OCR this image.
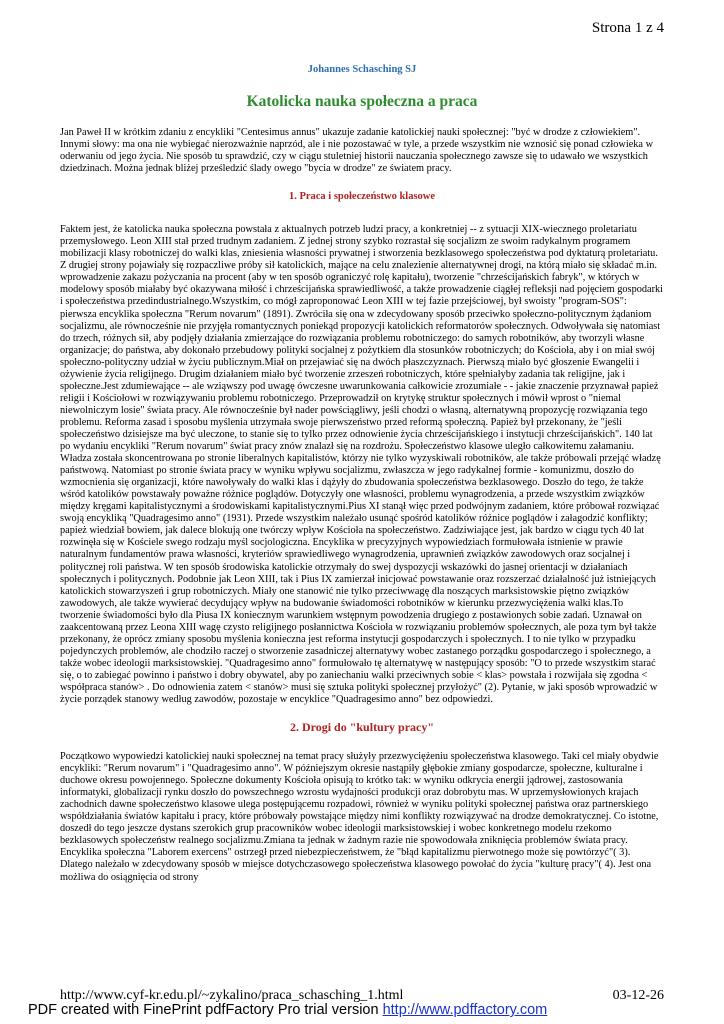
Strona 1 z 4
Johannes Schasching SJ
Katolicka nauka społeczna a praca

Jan Paweł II w krótkim zdaniu z encykliki "Centesimus annus" ukazuje zadanie katolickiej nauki społecznej: "być w drodze z człowiekiem". Innymi słowy: ma ona nie wybiegać nierozważnie naprzód, ale i nie pozostawać w tyle, a przede wszystkim nie wznosić się ponad człowieka w oderwaniu od jego życia. Nie sposób tu sprawdzić, czy w ciągu stuletniej historii nauczania społecznego zawsze się to udawało we wszystkich dziedzinach. Można jednak bliżej prześledzić ślady owego "bycia w drodze" ze światem pracy.

1. Praca i społeczeństwo klasowe

Faktem jest, że katolicka nauka społeczna powstała z aktualnych potrzeb ludzi pracy, a konkretniej -- z sytuacji XIX-wiecznego proletariatu przemysłowego. Leon XIII stał przed trudnym zadaniem. Z jednej strony szybko rozrastał się socjalizm ze swoim radykalnym programem mobilizacji klasy robotniczej do walki klas, zniesienia własności prywatnej i stworzenia bezklasowego społeczeństwa pod dyktaturą proletariatu. Z drugiej strony pojawiały się rozpaczliwe próby sił katolickich, mające na celu znalezienie alternatywnej drogi, na którą miało się składać m.in. wprowadzenie zakazu pożyczania na procent (aby w ten sposób ograniczyć rolę kapitału), tworzenie "chrześcijańskich fabryk", w których w modelowy sposób miałaby być okazywana miłość i chrześcijańska sprawiedliwość, a także prowadzenie ciągłej refleksji nad pojęciem gospodarki i społeczeństwa przedindustrialnego.Wszystkim, co mógł zaproponować Leon XIII w tej fazie przejściowej, był swoisty "program-SOS": pierwsza encyklika społeczna "Rerum novarum" (1891). Zwróciła się ona w zdecydowany sposób przeciwko społeczno-politycznym żądaniom socjalizmu, ale równocześnie nie przyjęła romantycznych poniekąd propozycji katolickich reformatorów społecznych. Odwoływała się natomiast do trzech, różnych sił, aby podjęły działania zmierzające do rozwiązania problemu robotniczego: do samych robotników, aby tworzyli własne organizacje; do państwa, aby dokonało przebudowy polityki socjalnej z pożytkiem dla stosunków robotniczych; do Kościoła, aby i on miał swój społeczno-polityczny udział w życiu publicznym.Miał on przejawiać się na dwóch płaszczyznach. Pierwszą miało być głoszenie Ewangelii i ożywienie życia religijnego. Drugim działaniem miało być tworzenie zrzeszeń robotniczych, które spełniałyby zadania tak religijne, jak i społeczne.Jest zdumiewające -- ale wziąwszy pod uwagę ówczesne uwarunkowania całkowicie zrozumiałe - - jakie znaczenie przyznawał papież religii i Kościołowi w rozwiązywaniu problemu robotniczego. Przeprowadził on krytykę struktur społecznych i mówił wprost o "niemal niewolniczym losie" świata pracy. Ale równocześnie był nader powściągliwy, jeśli chodzi o własną, alternatywną propozycję rozwiązania tego problemu. Reforma zasad i sposobu myślenia utrzymała swoje pierwszeństwo przed reformą społeczną. Papież był przekonany, że "jeśli społeczeństwo dzisiejsze ma być uleczone, to stanie się to tylko przez odnowienie życia chrześcijańskiego i instytucji chrześcijańskich". 140 lat po wydaniu encykliki "Rerum novarum" świat pracy znów znalazł się na rozdrożu. Społeczeństwo klasowe uległo całkowitemu załamaniu. Władza została skoncentrowana po stronie liberalnych kapitalistów, którzy nie tylko wyzyskiwali robotników, ale także próbowali przejąć władzę państwową. Natomiast po stronie świata pracy w wyniku wpływu socjalizmu, zwłaszcza w jego radykalnej formie - komunizmu, doszło do wzmocnienia się organizacji, które nawoływały do walki klas i dążyły do zbudowania społeczeństwa bezklasowego. Doszło do tego, że także wśród katolików powstawały poważne różnice poglądów. Dotyczyły one własności, problemu wynagrodzenia, a przede wszystkim związków między kręgami kapitalistycznymi a środowiskami kapitalistycznymi.Pius XI stanął więc przed podwójnym zadaniem, które próbował rozwiązać swoją encykliką "Quadragesimo anno" (1931). Przede wszystkim należało usunąć spośród katolików różnice poglądów i załagodzić konflikty; papież wiedział bowiem, jak dalece blokują one twórczy wpływ Kościoła na społeczeństwo. Zadziwiające jest, jak bardzo w ciągu tych 40 lat rozwinęła się w Kościele swego rodzaju myśl socjologiczna. Encyklika w precyzyjnych wypowiedziach formułowała istnienie w prawie naturalnym fundamentów prawa własności, kryteriów sprawiedliwego wynagrodzenia, uprawnień związków zawodowych oraz socjalnej i politycznej roli państwa. W ten sposób środowiska katolickie otrzymały do swej dyspozycji wskazówki do jasnej orientacji w działaniach społecznych i politycznych. Podobnie jak Leon XIII, tak i Pius IX zamierzał inicjować powstawanie oraz rozszerzać działalność już istniejących katolickich stowarzyszeń i grup robotniczych. Miały one stanowić nie tylko przeciwwagę dla noszących marksistowskie piętno związków zawodowych, ale także wywierać decydujący wpływ na budowanie świadomości robotników w kierunku przezwyciężenia walki klas.To tworzenie świadomości było dla Piusa IX koniecznym warunkiem wstępnym powodzenia drugiego z postawionych sobie zadań. Uznawał on zaakcentowaną przez Leona XIII wagę czysto religijnego posłannictwa Kościoła w rozwiązaniu problemów społecznych, ale poza tym był także przekonany, że oprócz zmiany sposobu myślenia konieczna jest reforma instytucji gospodarczych i społecznych. I to nie tylko w przypadku pojedynczych problemów, ale chodziło raczej o stworzenie zasadniczej alternatywy wobec zastanego porządku gospodarczego i społecznego, a także wobec ideologii marksistowskiej. "Quadragesimo anno" formułowało tę alternatywę w następujący sposób: "O to przede wszystkim starać się, o to zabiegać powinno i państwo i dobry obywatel, aby po zaniechaniu walki przeciwnych sobie < klas> powstała i rozwijała się zgodna < współpraca stanów> . Do odnowienia zatem < stanów> musi się sztuka polityki społecznej przyłożyć" (2). Pytanie, w jaki sposób wprowadzić w życie porządek stanowy według zawodów, pozostaje w encyklice "Quadragesimo anno" bez odpowiedzi.

2. Drogi do "kultury pracy"

Początkowo wypowiedzi katolickiej nauki społecznej na temat pracy służyły przezwyciężeniu społeczeństwa klasowego. Taki cel miały obydwie encykliki: "Rerum novarum" i "Quadragesimo anno". W późniejszym okresie nastąpiły głębokie zmiany gospodarcze, społeczne, kulturalne i duchowe okresu powojennego. Społeczne dokumenty Kościoła opisują to krótko tak: w wyniku odkrycia energii jądrowej, zastosowania informatyki, globalizacji rynku doszło do powszechnego wzrostu wydajności produkcji oraz dobrobytu mas. W uprzemysłowionych krajach zachodnich dawne społeczeństwo klasowe ulega postępującemu rozpadowi, również w wyniku polityki społecznej państwa oraz partnerskiego współdziałania światów kapitału i pracy, które próbowały powstające między nimi konflikty rozwiązywać na drodze demokratycznej. Co istotne, doszedł do tego jeszcze dystans szerokich grup pracowników wobec ideologii marksistowskiej i wobec konkretnego modelu rzekomo bezklasowych społeczeństw realnego socjalizmu.Zmiana ta jednak w żadnym razie nie spowodowała zniknięcia problemów świata pracy. Encyklika społeczna "Laborem exercens" ostrzegł przed niebezpieczeństwem, że "błąd kapitalizmu pierwotnego może się powtórzyć"( 3). Dlatego należało w zdecydowany sposób w miejsce dotychczasowego społeczeństwa klasowego powołać do życia "kulturę pracy"( 4). Jest ona możliwa do osiągnięcia od strony

http://www.cyf-kr.edu.pl/~zykalino/praca_schasching_1.html	03-12-26
PDF created with FinePrint pdfFactory Pro trial version http://www.pdffactory.com
